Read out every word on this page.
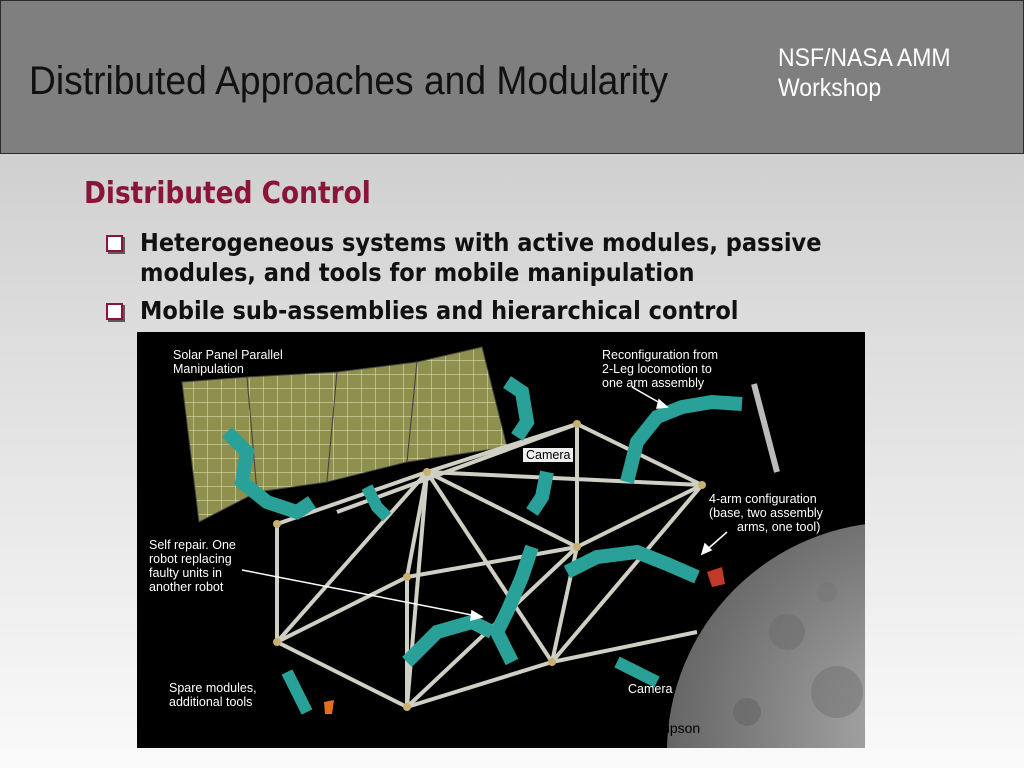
Distributed Approaches and Modularity
NSF/NASA AMM
Workshop
Distributed Control
Heterogeneous systems with active modules, passive modules, and tools for mobile manipulation
Mobile sub-assemblies and hierarchical control
Solar Panel Parallel
Manipulation
Reconfiguration from
2-Leg locomotion to
one arm assembly
Camera
4-arm configuration
(base, two assembly
arms, one tool)
Self repair. One
robot replacing
faulty units in
another robot
Spare modules,
additional tools
Camera
Thanks to Hod Lipson
